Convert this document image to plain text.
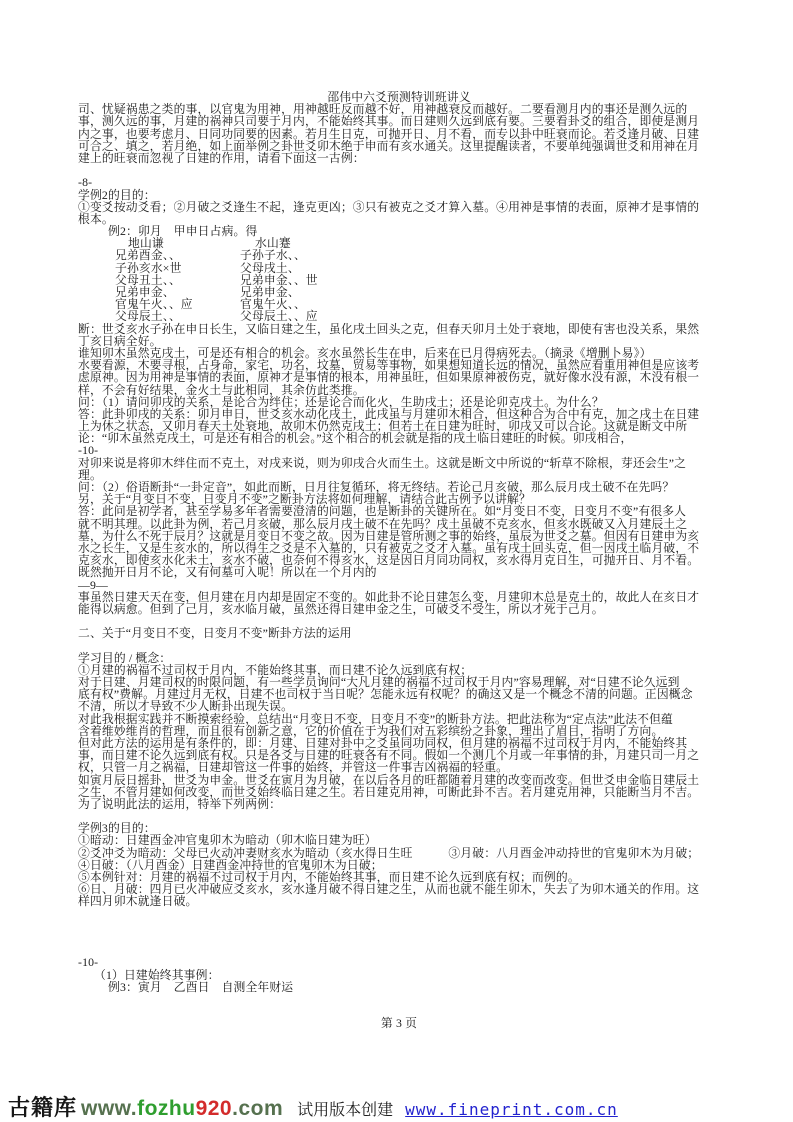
邵伟中六爻预测特训班讲义
司、忧疑祸患之类的事，以官鬼为用神，用神越旺反而越不好，用神越衰反而越好。二要看测月内的事还是测久远的
事，测久远的事，月建的祸神只司要于月内，不能始终其事。而日建则久远到底有要。三要看卦爻的组合，即使是测月
内之事，也要考虑月、日同功同要的因素。若月生日克，可抛开日、月不看，而专以卦中旺衰而论。若爻逢月破、日建
可合之、填之，若月绝，如上面举例之卦世爻卯木绝于申而有亥水通关。这里提醒读者，不要单纯强调世爻和用神在月
建上的旺衰而忽视了日建的作用，请看下面这一古例：
-8-
学例2的目的：
①变爻按动爻看；②月破之爻逢生不起，逢克更凶；③只有被克之爻才算入墓。④用神是事情的表面，原神才是事情的
根本。
例2：卯月　甲申日占病。得
地山谦	水山蹇
兄弟酉金、、	子孙子水、、
子孙亥水×世	父母戌土、
父母丑土、、	兄弟申金、、世
兄弟申金、	兄弟申金、
官鬼午火、、应	官鬼午火、、
父母辰土、、	父母辰土、、应
断：世爻亥水子孙在申日长生，又临日建之生，虽化戌土回头之克，但春天卯月土处于衰地，即使有害也没关系，果然
丁亥日病全好。
谁知卯木虽然克戌土，可是还有相合的机会。亥水虽然长生在申，后来在已月得病死去。（摘录《增删卜易》）
水要看源，木要寻根，占身命，家宅，功名，坟墓，贸易等事物，如果想知道长远的情况，虽然应看重用神但是应该考
虑原神。因为用神是事情的表面，原神才是事情的根本，用神虽旺，但如果原神被伤克，就好像水没有源，木没有根一
样，不会有好结果，金火土与此相同，其余仿此类推。
问：（1）请问卯戌的关系，是论合为绊住；还是论合而化火，生助戌土；还是论卯克戌土。为什么？
答：此卦卯戌的关系：卯月申日，世爻亥水动化戌土，此戌虽与月建卯木相合，但这种合为合中有克，加之戌土在日建
上为休之状态，又卯月春天土处衰地，故卯木仍然克戌土；但若土在日建为旺时，卯戌又可以合论。这就是断文中所
论：“卯木虽然克戌土，可是还有相合的机会。”这个相合的机会就是指的戌土临日建旺的时候。卯戌相合，
-10-
对卯来说是将卯木绊住而不克土，对戌来说，则为卯戌合火而生土。这就是断文中所说的“斩草不除根，芽还会生”之
理。
问：（2）俗语断卦“一卦定音”，如此而断，日月往复循环，将无终结。若论己月亥破，那么辰月戌土破不在先吗？
另，关于“月变日不变，日变月不变”之断卦方法将如何理解，请结合此古例予以讲解？
答：此问是初学者，甚至学易多年者需要澄清的问题，也是断卦的关键所在。如“月变日不变，日变月不变”有很多人
就不明其理。以此卦为例，若己月亥破，那么辰月戌土破不在先吗？戌土虽破不克亥水，但亥水既破又入月建辰土之
墓，为什么不死于辰月？这就是月变日不变之故。因为日建是管所测之事的始终，虽辰为世爻之墓。但因有日建申为亥
水之长生，又是生亥水的，所以得生之爻是不入墓的，只有被克之爻才入墓。虽有戌土回头克，但一因戌土临月破，不
克亥水，即使亥水化未土，亥水不破，也奈何不得亥水，这是因日月同功同权，亥水得月克日生，可抛开日、月不看。
既然抛开日月不论，又有何墓可入呢！所以在一个月内的
—9—
事虽然日建天天在变，但月建在月内却是固定不变的。如此卦不论日建怎么变，月建卯木总是克土的，故此人在亥日才
能得以病愈。但到了己月，亥水临月破，虽然还得日建申金之生，可破爻不受生，所以才死于己月。
二、关于“月变日不变，日变月不变”断卦方法的运用
学习目的 / 概念：
①月建的祸福不过司权于月内，不能始终其事，而日建不论久远到底有权；
对于日建、月建司权的时限问题，有一些学员询问“大凡月建的祸福不过司权于月内”容易理解，对“日建不论久远到
底有权”费解。月建过月无权，日建不也司权于当日呢？怎能永远有权呢？的确这又是一个概念不清的问题。正因概念
不清，所以才导致不少人断卦出现失误。
对此我根据实践并不断摸索经验，总结出“月变日不变，日变月不变”的断卦方法。把此法称为“定点法”此法不但蕴
含着维妙维肖的哲理，而且很有创新之意，它的价值在于为我们对五彩缤纷之卦象，理出了眉目，指明了方向。
但对此方法的运用是有条件的，即：月建、日建对卦中之爻虽同功同权，但月建的祸福不过司权于月内，不能始终其
事，而日建不论久远到底有权。只是各爻与日建的旺衰各有不同。假如一个测几个月或一年事情的卦，月建只司一月之
权，只管一月之祸福，日建却管这一件事的始终，并管这一件事吉凶祸福的轻重。
如寅月辰日摇卦，世爻为申金。世爻在寅月为月破，在以后各月的旺都随着月建的改变而改变。但世爻申金临日建辰土
之生，不管月建如何改变，而世爻始终临日建之生。若日建克用神，可断此卦不吉。若月建克用神，只能断当月不吉。
为了说明此法的运用，特举下列两例：
学例3的目的：
①暗动：日建酉金冲官鬼卯木为暗动（卯木临日建为旺）
②爻冲爻为暗动：父母已火动冲妻财亥水为暗动（亥水得日生旺　　　③月破：八月酉金冲动持世的官鬼卯木为月破；
④日破：（八月酉金）日建酉金冲持世的官鬼卯木为日破；
⑤本例针对：月建的祸福不过司权于月内，不能始终其事，而日建不论久远到底有权；而例的。
⑥日、月破：四月已火冲破应爻亥水，亥水逢月破不得日建之生，从而也就不能生卯木，失去了为卯木通关的作用。这
样四月卯木就逢日破。
-10-
（1）日建始终其事例：
例3：寅月　乙酉日　自测全年财运
第 3 页
古籍库 www.fozhu920.com 试用版本创建 www.fineprint.com.cn
